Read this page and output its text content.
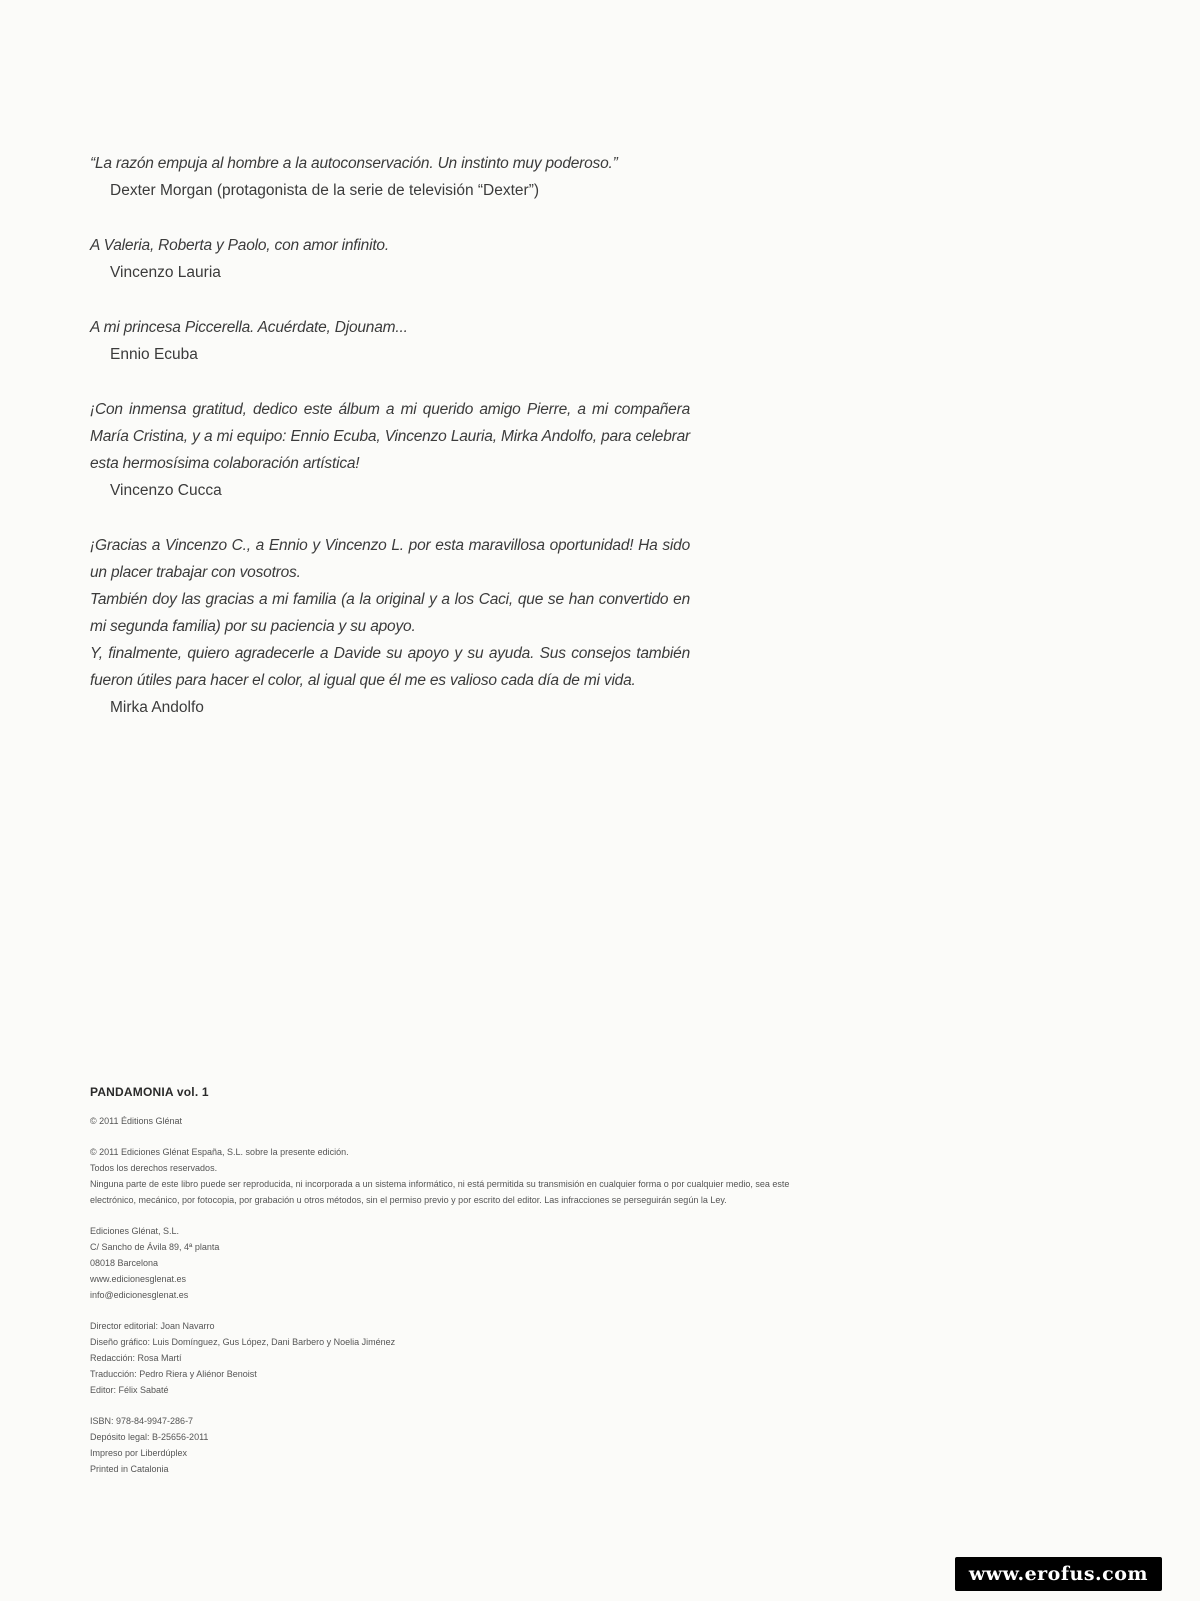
“La razón empuja al hombre a la autoconservación. Un instinto muy poderoso.”

Dexter Morgan (protagonista de la serie de televisión “Dexter”)

A Valeria, Roberta y Paolo, con amor infinito.

Vincenzo Lauria

A mi princesa Piccerella. Acuérdate, Djounam...

Ennio Ecuba

¡Con inmensa gratitud, dedico este álbum a mi querido amigo Pierre, a mi compañera María Cristina, y a mi equipo: Ennio Ecuba, Vincenzo Lauria, Mirka Andolfo, para celebrar esta hermosísima colaboración artística!

Vincenzo Cucca

¡Gracias a Vincenzo C., a Ennio y Vincenzo L. por esta maravillosa oportunidad! Ha sido un placer trabajar con vosotros.
También doy las gracias a mi familia (a la original y a los Caci, que se han convertido en mi segunda familia) por su paciencia y su apoyo.
Y, finalmente, quiero agradecerle a Davide su apoyo y su ayuda. Sus consejos también fueron útiles para hacer el color, al igual que él me es valioso cada día de mi vida.

Mirka Andolfo

PANDAMONIA vol. 1

© 2011 Éditions Glénat
© 2011 Ediciones Glénat España, S.L. sobre la presente edición.
Todos los derechos reservados.
Ninguna parte de este libro puede ser reproducida, ni incorporada a un sistema informático, ni está permitida su transmisión en cualquier forma o por cualquier medio, sea este
electrónico, mecánico, por fotocopia, por grabación u otros métodos, sin el permiso previo y por escrito del editor. Las infracciones se perseguirán según la Ley.
Ediciones Glénat, S.L.
C/ Sancho de Ávila 89, 4ª planta
08018 Barcelona
www.edicionesglenat.es
info@edicionesglenat.es
Director editorial: Joan Navarro
Diseño gráfico: Luis Domínguez, Gus López, Dani Barbero y Noelia Jiménez
Redacción: Rosa Martí
Traducción: Pedro Riera y Aliénor Benoist
Editor: Félix Sabaté
ISBN: 978-84-9947-286-7
Depósito legal: B-25656-2011
Impreso por Liberdúplex
Printed in Catalonia
www.erofus.com
